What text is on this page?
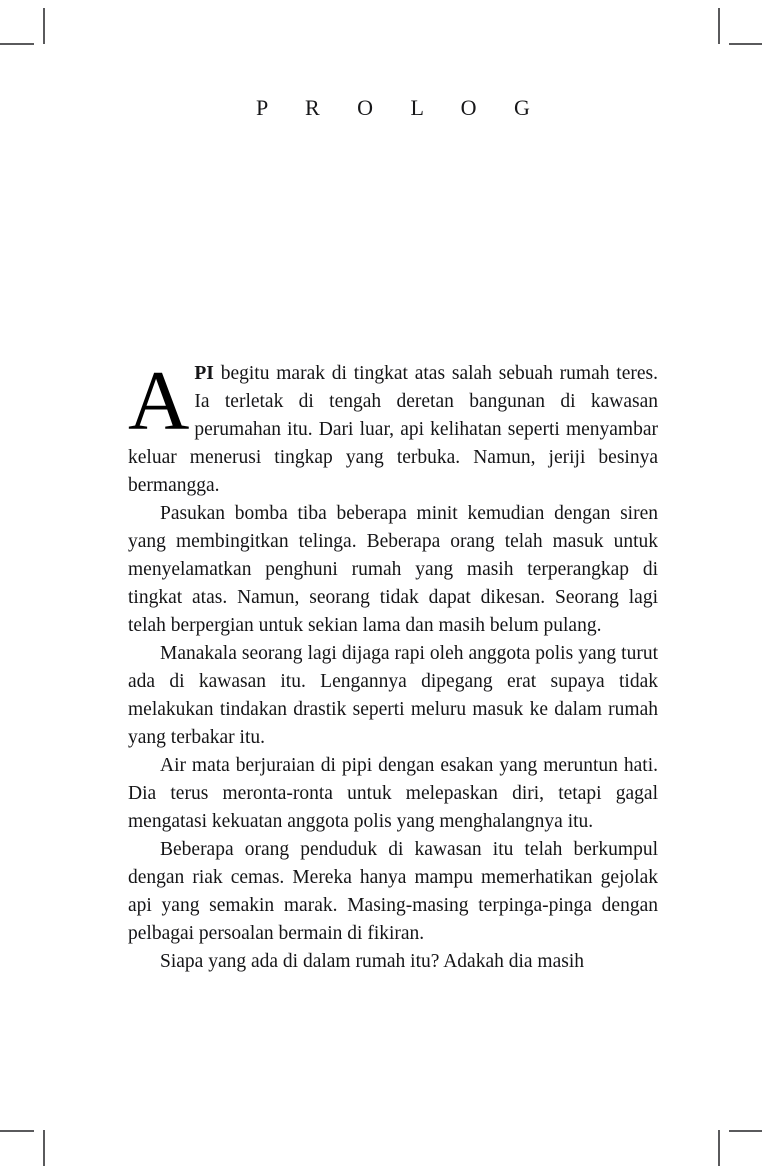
P R O L O G

API begitu marak di tingkat atas salah sebuah rumah teres. Ia terletak di tengah deretan bangunan di kawasan perumahan itu. Dari luar, api kelihatan seperti menyambar keluar menerusi tingkap yang terbuka. Namun, jeriji besinya bermangga.

Pasukan bomba tiba beberapa minit kemudian dengan siren yang membingitkan telinga. Beberapa orang telah masuk untuk menyelamatkan penghuni rumah yang masih terperangkap di tingkat atas. Namun, seorang tidak dapat dikesan. Seorang lagi telah berpergian untuk sekian lama dan masih belum pulang.

Manakala seorang lagi dijaga rapi oleh anggota polis yang turut ada di kawasan itu. Lengannya dipegang erat supaya tidak melakukan tindakan drastik seperti meluru masuk ke dalam rumah yang terbakar itu.

Air mata berjuraian di pipi dengan esakan yang meruntun hati. Dia terus meronta-ronta untuk melepaskan diri, tetapi gagal mengatasi kekuatan anggota polis yang menghalangnya itu.

Beberapa orang penduduk di kawasan itu telah berkumpul dengan riak cemas. Mereka hanya mampu memerhatikan gejolak api yang semakin marak. Masing-masing terpinga-pinga dengan pelbagai persoalan bermain di fikiran.

Siapa yang ada di dalam rumah itu? Adakah dia masih
